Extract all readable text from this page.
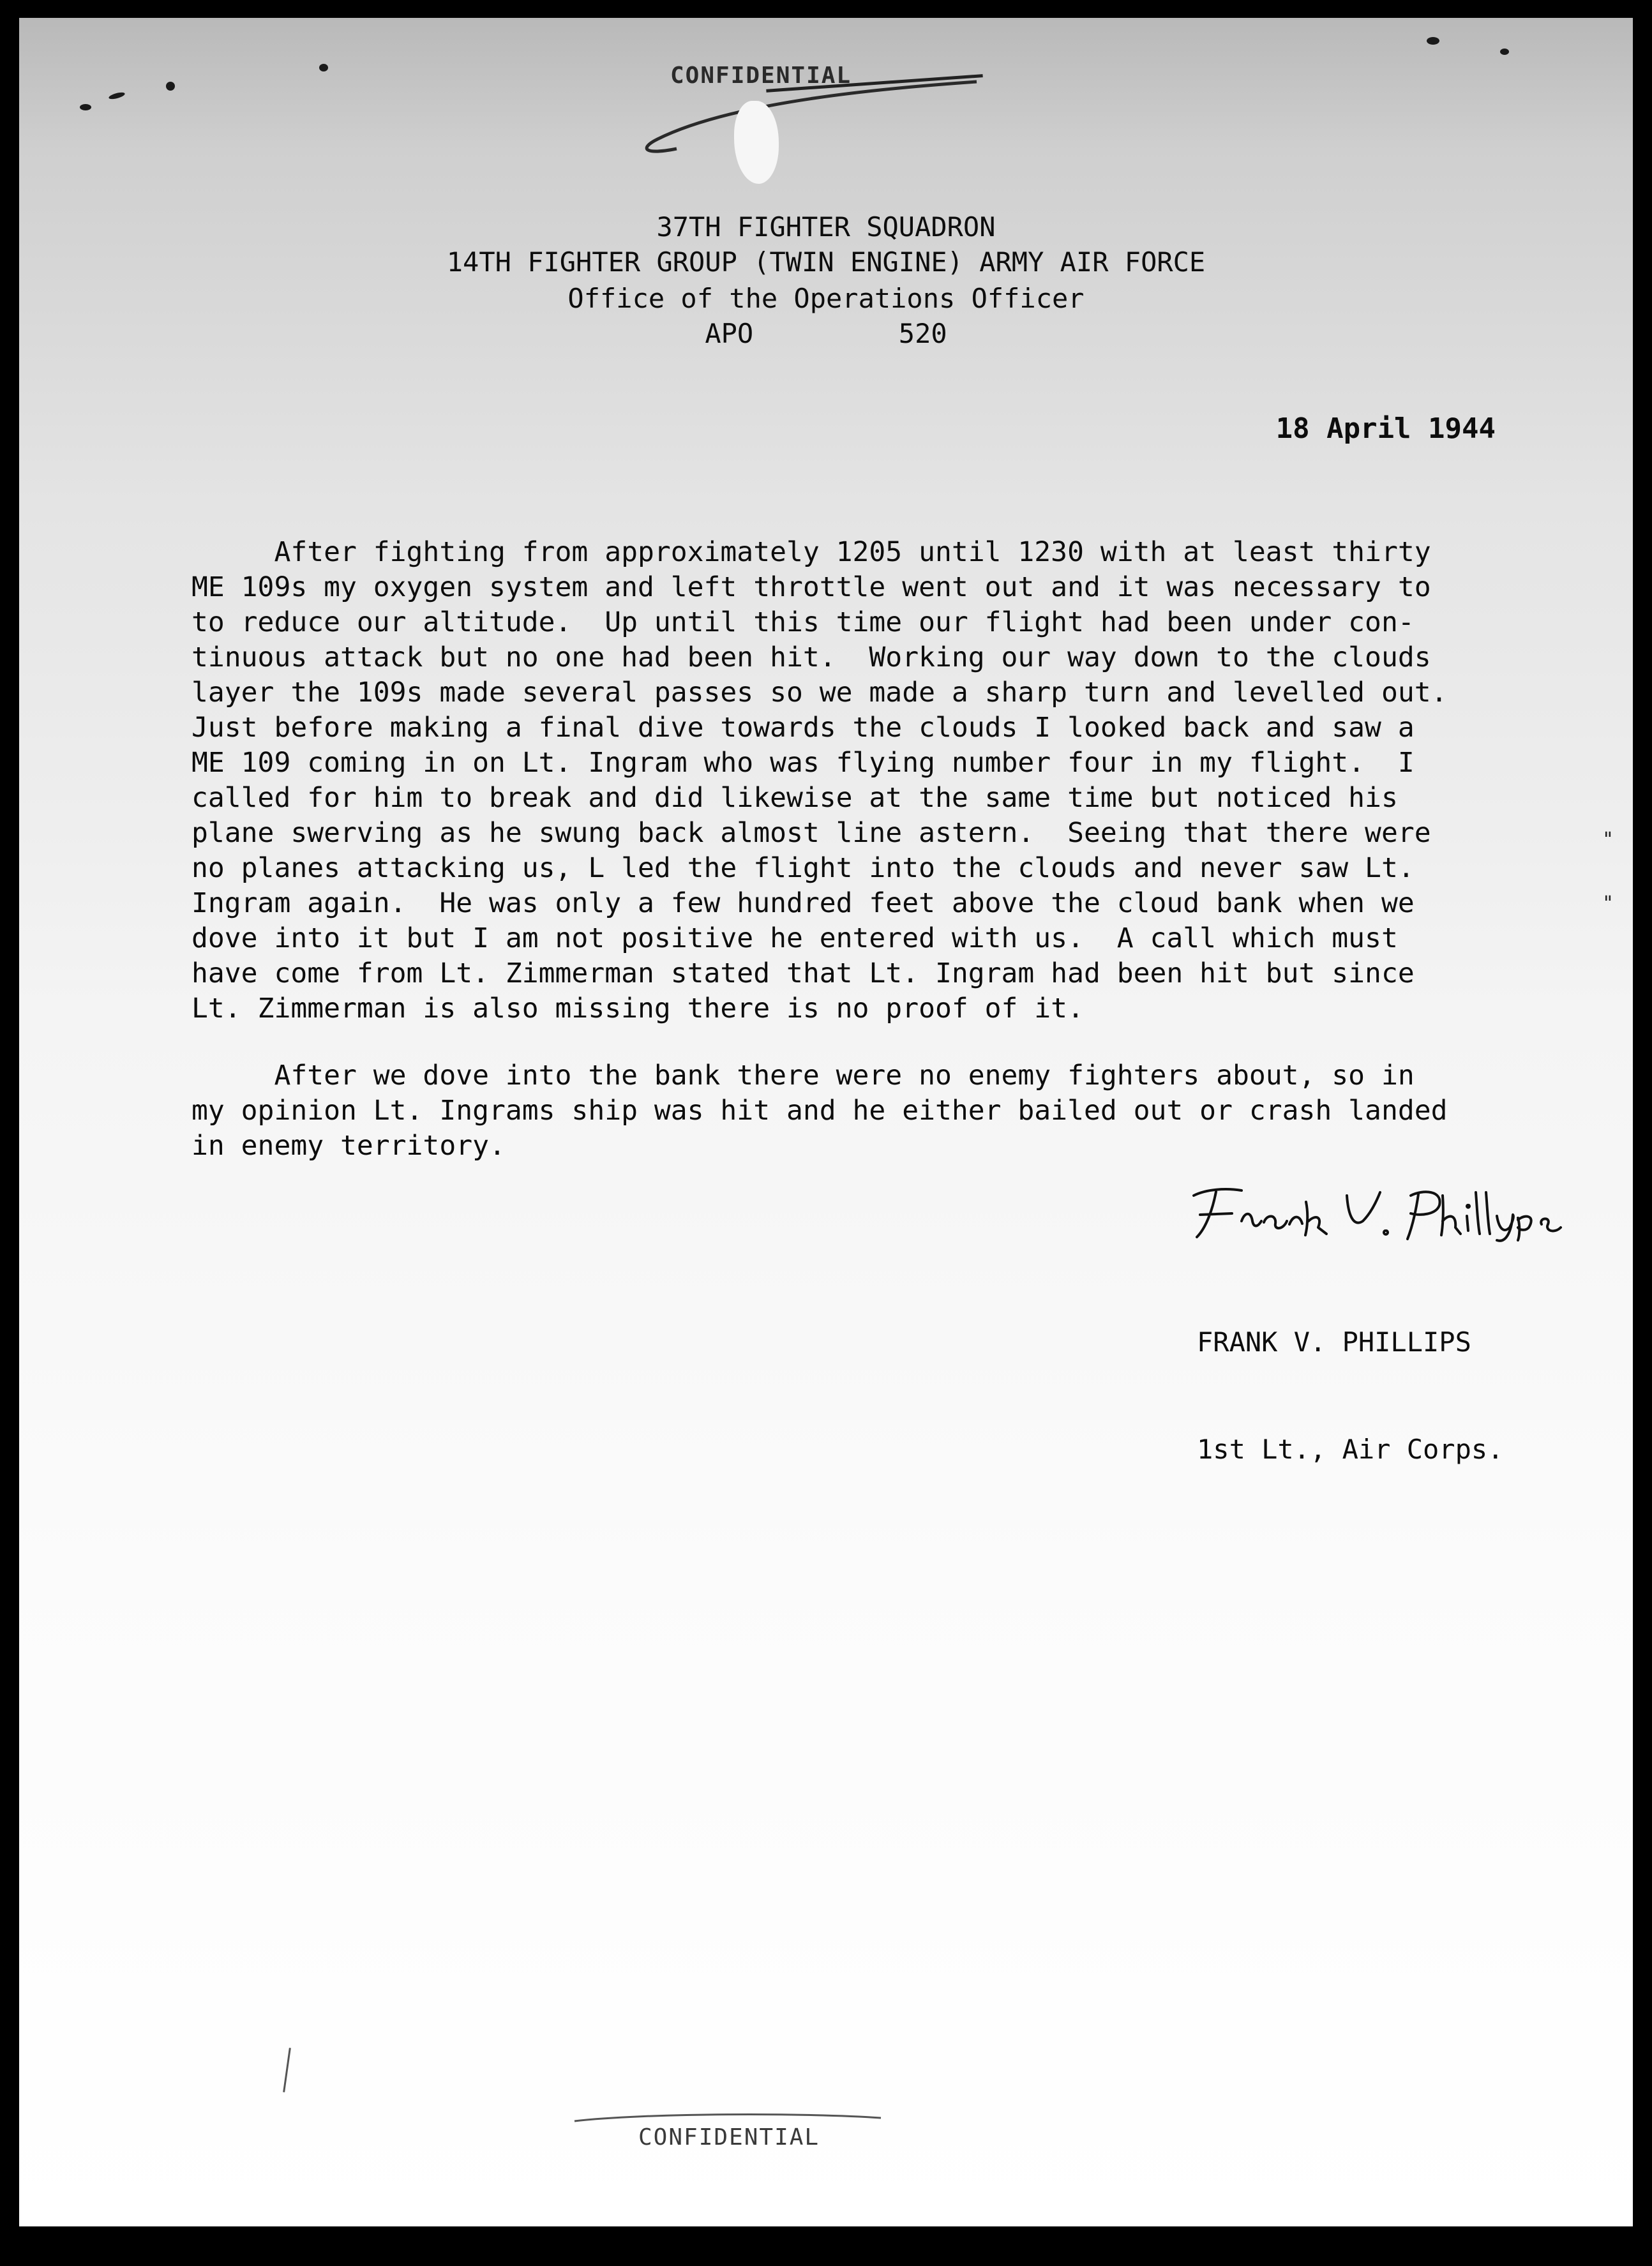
"
"
CONFIDENTIAL
37TH FIGHTER SQUADRON
14TH FIGHTER GROUP (TWIN ENGINE) ARMY AIR FORCE
Office of the Operations Officer
APO         520
18 April 1944
After fighting from approximately 1205 until 1230 with at least thirty
ME 109s my oxygen system and left throttle went out and it was necessary to
to reduce our altitude.  Up until this time our flight had been under con-
tinuous attack but no one had been hit.  Working our way down to the clouds
layer the 109s made several passes so we made a sharp turn and levelled out.
Just before making a final dive towards the clouds I looked back and saw a
ME 109 coming in on Lt. Ingram who was flying number four in my flight.  I
called for him to break and did likewise at the same time but noticed his
plane swerving as he swung back almost line astern.  Seeing that there were
no planes attacking us, L led the flight into the clouds and never saw Lt.
Ingram again.  He was only a few hundred feet above the cloud bank when we
dove into it but I am not positive he entered with us.  A call which must
have come from Lt. Zimmerman stated that Lt. Ingram had been hit but since
Lt. Zimmerman is also missing there is no proof of it.
After we dove into the bank there were no enemy fighters about, so in
my opinion Lt. Ingrams ship was hit and he either bailed out or crash landed
in enemy territory.

FRANK V. PHILLIPS

1st Lt., Air Corps.

CONFIDENTIAL
